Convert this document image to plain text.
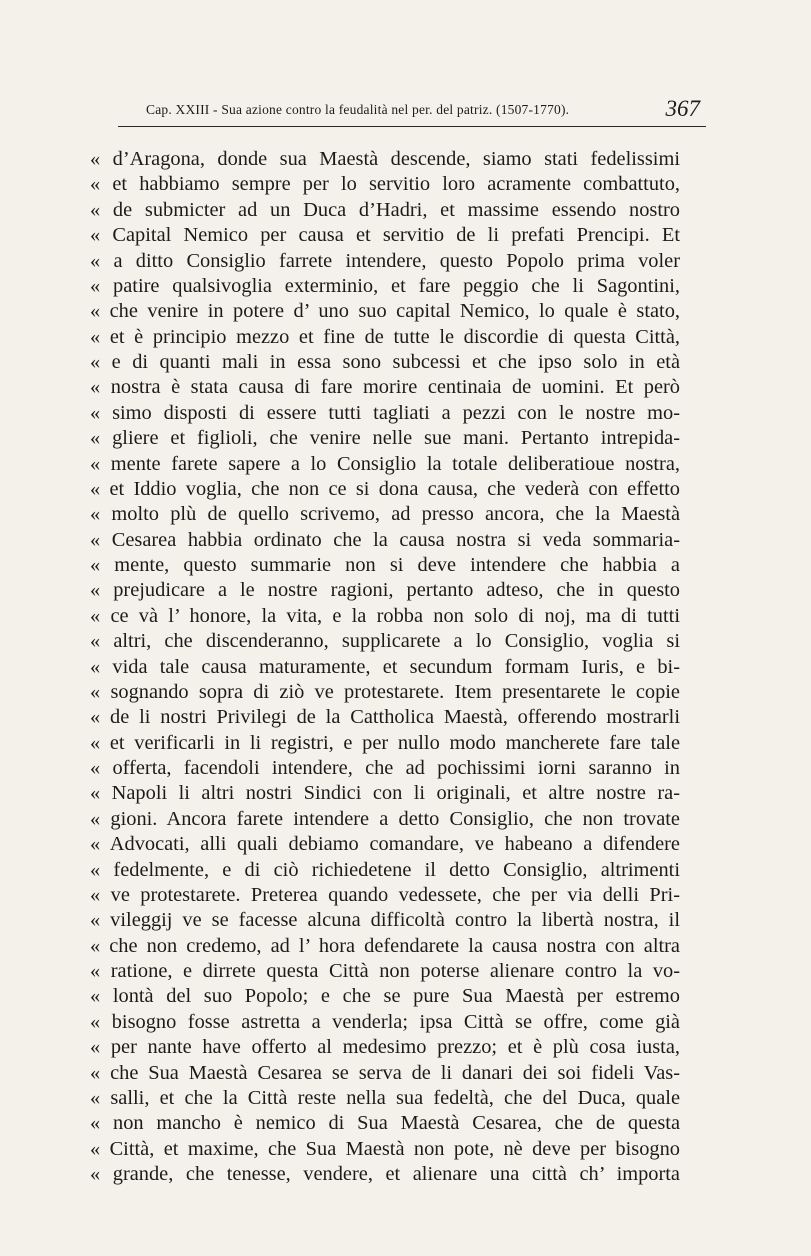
Cap. XXIII - Sua azione contro la feudalità nel per. del patriz. (1507-1770).	367
« d’Aragona, donde sua Maestà descende, siamo stati fedelissimi
« et habbiamo sempre per lo servitio loro acramente combattuto,
« de submicter ad un Duca d’Hadri, et massime essendo nostro
« Capital Nemico per causa et servitio de li prefati Prencipi. Et
« a ditto Consiglio farrete intendere, questo Popolo prima voler
« patire qualsivoglia exterminio, et fare peggio che li Sagontini,
« che venire in potere d’ uno suo capital Nemico, lo quale è stato,
« et è principio mezzo et fine de tutte le discordie di questa Città,
« e di quanti mali in essa sono subcessi et che ipso solo in età
« nostra è stata causa di fare morire centinaia de uomini. Et però
« simo disposti di essere tutti tagliati a pezzi con le nostre mo-
« gliere et figlioli, che venire nelle sue mani. Pertanto intrepida-
« mente farete sapere a lo Consiglio la totale deliberatioue nostra,
« et Iddio voglia, che non ce si dona causa, che vederà con effetto
« molto plù de quello scrivemo, ad presso ancora, che la Maestà
« Cesarea habbia ordinato che la causa nostra si veda sommaria-
« mente, questo summarie non si deve intendere che habbia a
« prejudicare a le nostre ragioni, pertanto adteso, che in questo
« ce và l’ honore, la vita, e la robba non solo di noj, ma di tutti
« altri, che discenderanno, supplicarete a lo Consiglio, voglia si
« vida tale causa maturamente, et secundum formam Iuris, e bi-
« sognando sopra di ziò ve protestarete. Item presentarete le copie
« de li nostri Privilegi de la Cattholica Maestà, offerendo mostrarli
« et verificarli in li registri, e per nullo modo mancherete fare tale
« offerta, facendoli intendere, che ad pochissimi iorni saranno in
« Napoli li altri nostri Sindici con li originali, et altre nostre ra-
« gioni. Ancora farete intendere a detto Consiglio, che non trovate
« Advocati, alli quali debiamo comandare, ve habeano a difendere
« fedelmente, e di ciò richiedetene il detto Consiglio, altrimenti
« ve protestarete. Preterea quando vedessete, che per via delli Pri-
« vileggij ve se facesse alcuna difficoltà contro la libertà nostra, il
« che non credemo, ad l’ hora defendarete la causa nostra con altra
« ratione, e dirrete questa Città non poterse alienare contro la vo-
« lontà del suo Popolo; e che se pure Sua Maestà per estremo
« bisogno fosse astretta a venderla; ipsa Città se offre, come già
« per nante have offerto al medesimo prezzo; et è plù cosa iusta,
« che Sua Maestà Cesarea se serva de li danari dei soi fideli Vas-
« salli, et che la Città reste nella sua fedeltà, che del Duca, quale
« non mancho è nemico di Sua Maestà Cesarea, che de questa
« Città, et maxime, che Sua Maestà non pote, nè deve per bisogno
« grande, che tenesse, vendere, et alienare una città ch’ importa
